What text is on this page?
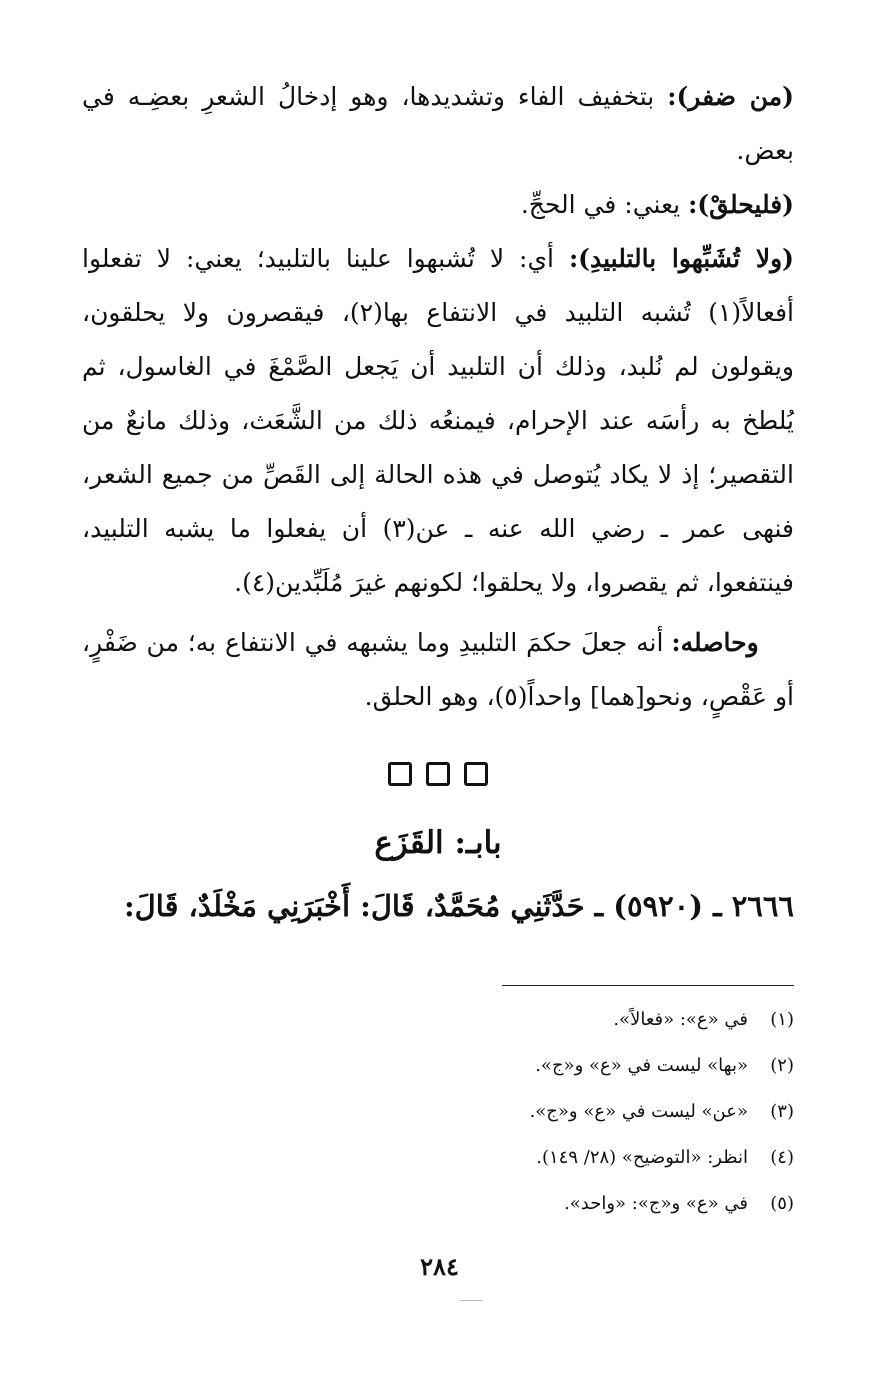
(من ضفر): بتخفيف الفاء وتشديدها، وهو إدخالُ الشعرِ بعضِـه في بعض.

(فليحلقْ): يعني: في الحجِّ.

(ولا تُشَبِّهوا بالتلبيدِ): أي: لا تُشبهوا علينا بالتلبيد؛ يعني: لا تفعلوا أفعالاً(١) تُشبه التلبيد في الانتفاع بها(٢)، فيقصرون ولا يحلقون، ويقولون لم نُلبد، وذلك أن التلبيد أن يَجعل الصَّمْغَ في الغاسول، ثم يُلطخ به رأسَه عند الإحرام، فيمنعُه ذلك من الشَّعَث، وذلك مانعٌ من التقصير؛ إذ لا يكاد يُتوصل في هذه الحالة إلى القَصِّ من جميع الشعر، فنهى عمر ـ رضي الله عنه ـ عن(٣) أن يفعلوا ما يشبه التلبيد، فينتفعوا، ثم يقصروا، ولا يحلقوا؛ لكونهم غيرَ مُلَبِّدين(٤).

وحاصله: أنه جعلَ حكمَ التلبيدِ وما يشبهه في الانتفاع به؛ من ضَفْرٍ، أو عَقْصٍ، ونحو[هما] واحداً(٥)، وهو الحلق.

بابـ: القَزَع
٢٦٦٦ ـ (٥٩٢٠) ـ حَدَّثَنِي مُحَمَّدٌ، قَالَ: أَخْبَرَنِي مَخْلَدٌ، قَالَ:
(١)في «ع»: «فعالاً».
(٢)«بها» ليست في «ع» و«ج».
(٣)«عن» ليست في «ع» و«ج».
(٤)انظر: «التوضيح» (٢٨/ ١٤٩).
(٥)في «ع» و«ج»: «واحد».
٢٨٤
